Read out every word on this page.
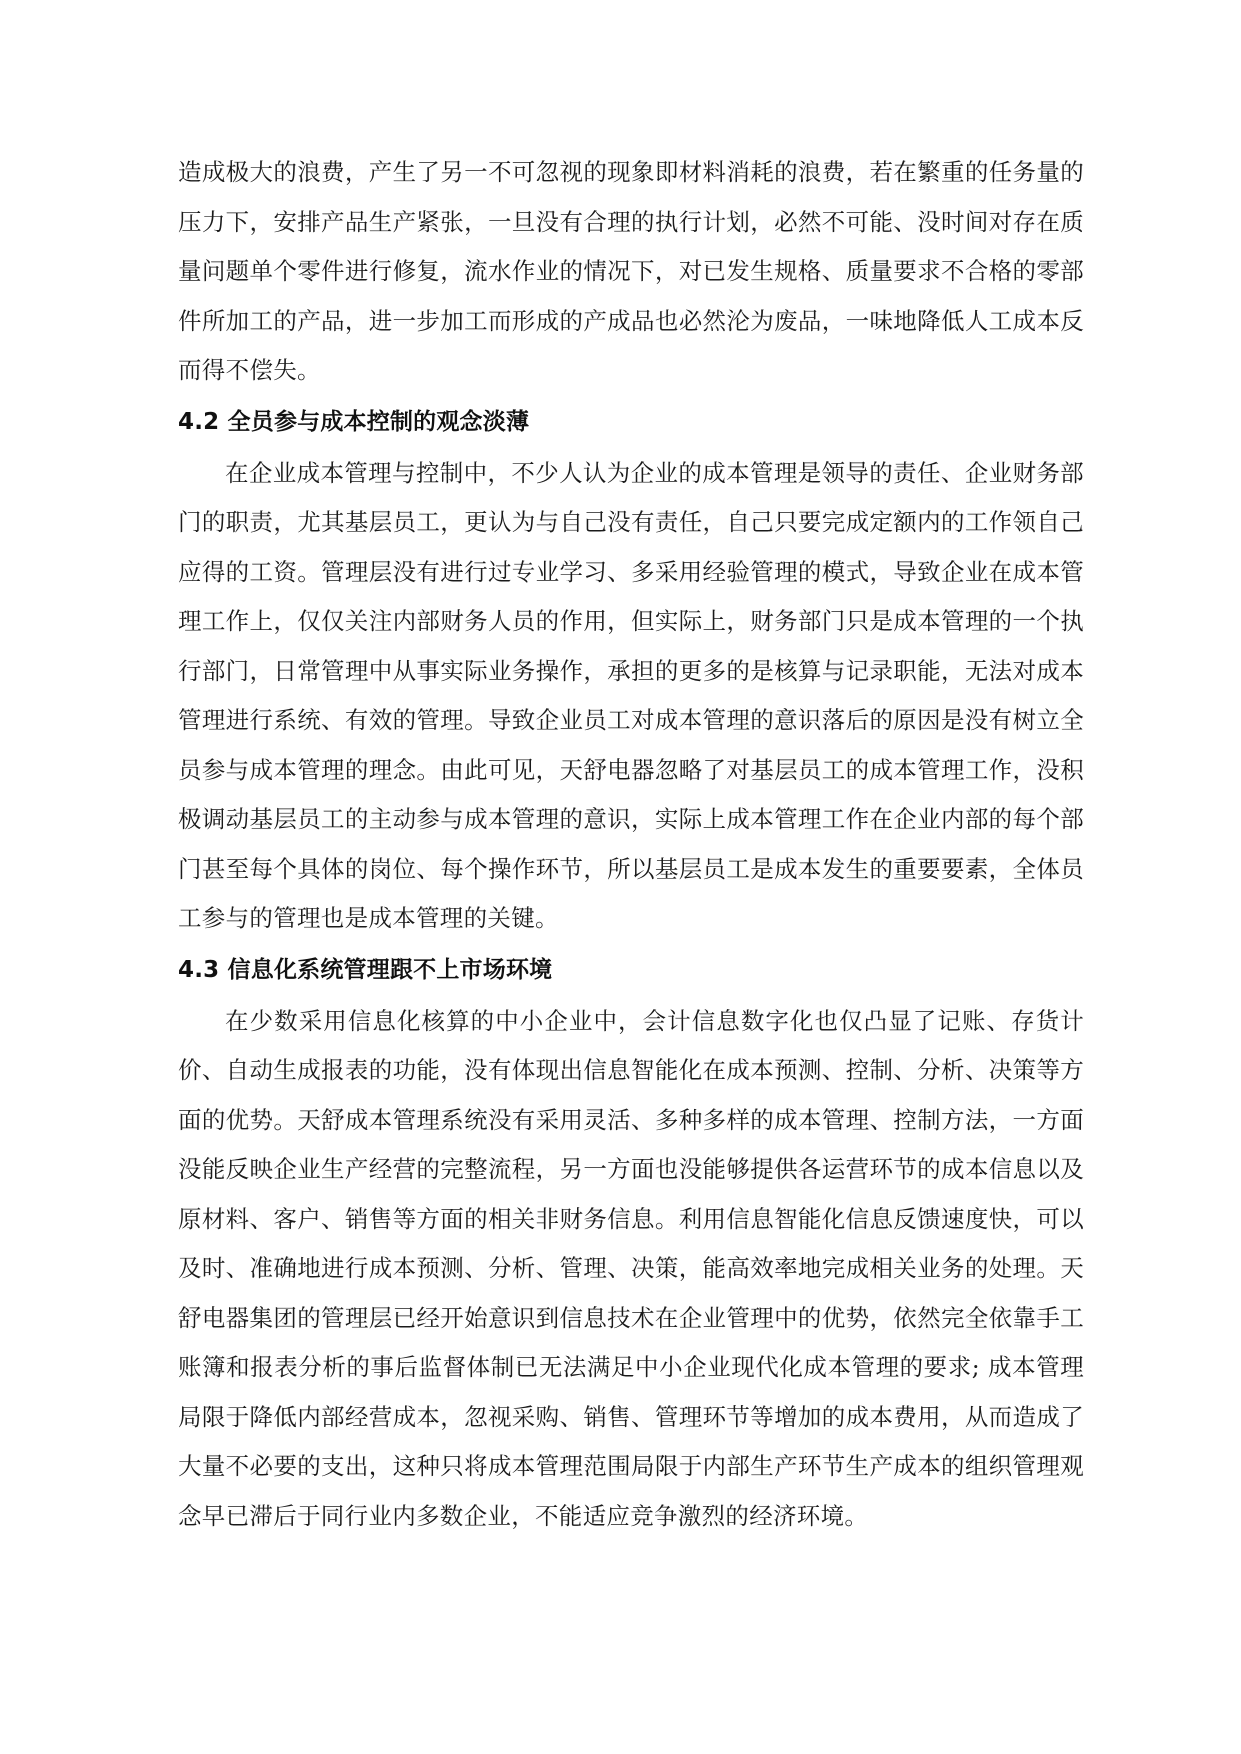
造成极大的浪费，产生了另一不可忽视的现象即材料消耗的浪费，若在繁重的任务量的压力下，安排产品生产紧张，一旦没有合理的执行计划，必然不可能、没时间对存在质量问题单个零件进行修复，流水作业的情况下，对已发生规格、质量要求不合格的零部件所加工的产品，进一步加工而形成的产成品也必然沦为废品，一味地降低人工成本反而得不偿失。

4.2 全员参与成本控制的观念淡薄

在企业成本管理与控制中，不少人认为企业的成本管理是领导的责任、企业财务部门的职责，尤其基层员工，更认为与自己没有责任，自己只要完成定额内的工作领自己应得的工资。管理层没有进行过专业学习、多采用经验管理的模式，导致企业在成本管理工作上，仅仅关注内部财务人员的作用，但实际上，财务部门只是成本管理的一个执行部门，日常管理中从事实际业务操作，承担的更多的是核算与记录职能，无法对成本管理进行系统、有效的管理。导致企业员工对成本管理的意识落后的原因是没有树立全员参与成本管理的理念。由此可见，天舒电器忽略了对基层员工的成本管理工作，没积极调动基层员工的主动参与成本管理的意识，实际上成本管理工作在企业内部的每个部门甚至每个具体的岗位、每个操作环节，所以基层员工是成本发生的重要要素，全体员工参与的管理也是成本管理的关键。

4.3 信息化系统管理跟不上市场环境

在少数采用信息化核算的中小企业中，会计信息数字化也仅凸显了记账、存货计价、自动生成报表的功能，没有体现出信息智能化在成本预测、控制、分析、决策等方面的优势。天舒成本管理系统没有采用灵活、多种多样的成本管理、控制方法，一方面没能反映企业生产经营的完整流程，另一方面也没能够提供各运营环节的成本信息以及原材料、客户、销售等方面的相关非财务信息。利用信息智能化信息反馈速度快，可以及时、准确地进行成本预测、分析、管理、决策，能高效率地完成相关业务的处理。天舒电器集团的管理层已经开始意识到信息技术在企业管理中的优势，依然完全依靠手工账簿和报表分析的事后监督体制已无法满足中小企业现代化成本管理的要求; 成本管理局限于降低内部经营成本，忽视采购、销售、管理环节等增加的成本费用，从而造成了大量不必要的支出，这种只将成本管理范围局限于内部生产环节生产成本的组织管理观念早已滞后于同行业内多数企业，不能适应竞争激烈的经济环境。
